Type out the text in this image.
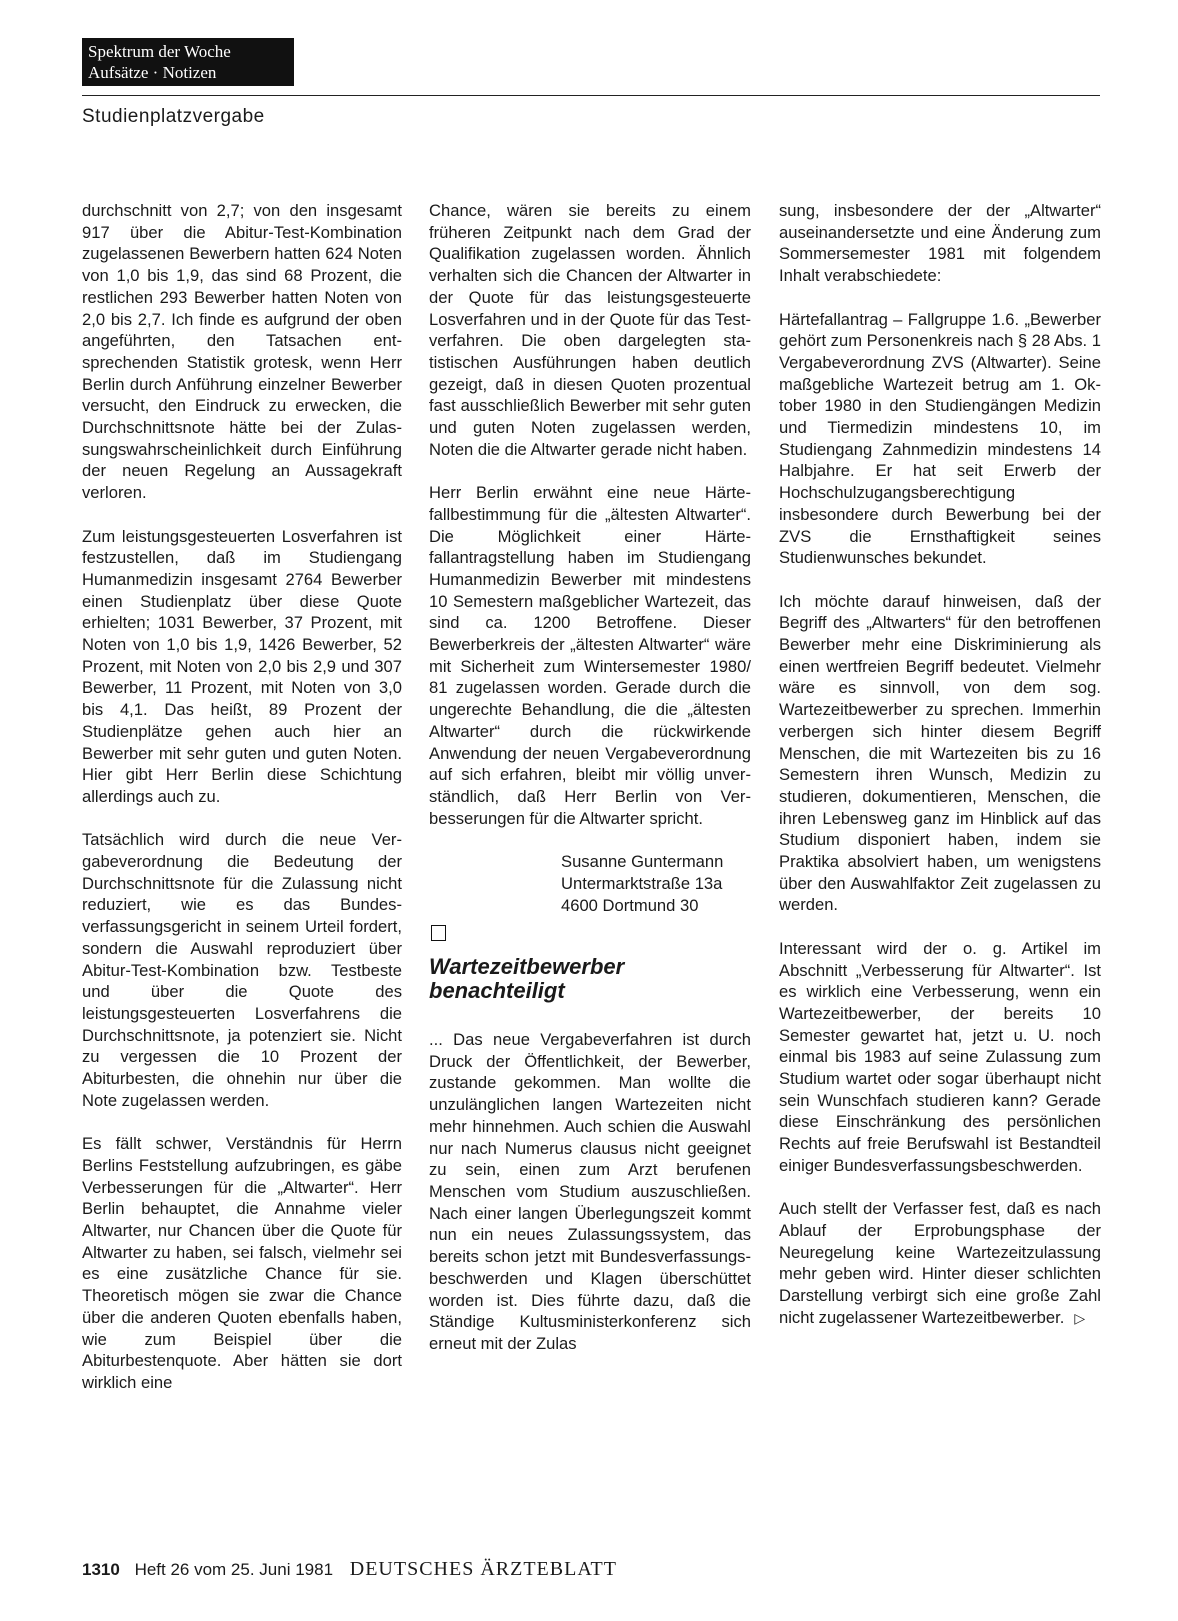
Spektrum der Woche
Aufsätze · Notizen
Studienplatzvergabe

durchschnitt von 2,7; von den insgesamt 917 über die Abitur-Test-Kombination zugelassenen Bewerbern hatten 624 Noten von 1,0 bis 1,9, das sind 68 Prozent, die restlichen 293 Bewerber hatten Noten von 2,0 bis 2,7. Ich finde es aufgrund der oben angeführten, den Tatsachen entsprechenden Statistik grotesk, wenn Herr Berlin durch Anführung einzelner Bewerber versucht, den Eindruck zu erwecken, die Durchschnittsnote hätte bei der Zulassungswahrscheinlichkeit durch Einführung der neuen Regelung an Aussagekraft verloren.

Zum leistungsgesteuerten Losverfahren ist festzustellen, daß im Studiengang Humanmedizin insgesamt 2764 Bewerber einen Studienplatz über diese Quote erhielten; 1031 Bewerber, 37 Prozent, mit Noten von 1,0 bis 1,9, 1426 Bewerber, 52 Prozent, mit Noten von 2,0 bis 2,9 und 307 Bewerber, 11 Prozent, mit Noten von 3,0 bis 4,1. Das heißt, 89 Prozent der Studienplätze gehen auch hier an Bewerber mit sehr guten und guten Noten. Hier gibt Herr Berlin diese Schichtung allerdings auch zu.

Tatsächlich wird durch die neue Vergabeverordnung die Bedeutung der Durchschnittsnote für die Zulassung nicht reduziert, wie es das Bundesverfassungsgericht in seinem Urteil fordert, sondern die Auswahl reproduziert über Abitur-Test-Kombination bzw. Testbeste und über die Quote des leistungsgesteuerten Losverfahrens die Durchschnittsnote, ja potenziert sie. Nicht zu vergessen die 10 Prozent der Abiturbesten, die ohnehin nur über die Note zugelassen werden.

Es fällt schwer, Verständnis für Herrn Berlins Feststellung aufzubringen, es gäbe Verbesserungen für die „Altwarter“. Herr Berlin behauptet, die Annahme vieler Altwarter, nur Chancen über die Quote für Altwarter zu haben, sei falsch, vielmehr sei es eine zusätzliche Chance für sie. Theoretisch mögen sie zwar die Chance über die anderen Quoten ebenfalls haben, wie zum Beispiel über die Abiturbestenquote. Aber hätten sie dort wirklich eine

Chance, wären sie bereits zu einem früheren Zeitpunkt nach dem Grad der Qualifikation zugelassen worden. Ähnlich verhalten sich die Chancen der Altwarter in der Quote für das leistungsgesteuerte Losverfahren und in der Quote für das Testverfahren. Die oben dargelegten statistischen Ausführungen haben deutlich gezeigt, daß in diesen Quoten prozentual fast ausschließlich Bewerber mit sehr guten und guten Noten zugelassen werden, Noten die die Altwarter gerade nicht haben.

Herr Berlin erwähnt eine neue Härtefallbestimmung für die „ältesten Altwarter“. Die Möglichkeit einer Härtefallantragstellung haben im Studiengang Humanmedizin Bewerber mit mindestens 10 Semestern maßgeblicher Wartezeit, das sind ca. 1200 Betroffene. Dieser Bewerberkreis der „ältesten Altwarter“ wäre mit Sicherheit zum Wintersemester 1980/ 81 zugelassen worden. Gerade durch die ungerechte Behandlung, die die „ältesten Altwarter“ durch die rückwirkende Anwendung der neuen Vergabeverordnung auf sich erfahren, bleibt mir völlig unverständlich, daß Herr Berlin von Verbesserungen für die Altwarter spricht.

Susanne Guntermann
Untermarktstraße 13a
4600 Dortmund 30
Wartezeitbewerber
benachteiligt

... Das neue Vergabeverfahren ist durch Druck der Öffentlichkeit, der Bewerber, zustande gekommen. Man wollte die unzulänglichen langen Wartezeiten nicht mehr hinnehmen. Auch schien die Auswahl nur nach Numerus clausus nicht geeignet zu sein, einen zum Arzt berufenen Menschen vom Studium auszuschließen. Nach einer langen Überlegungszeit kommt nun ein neues Zulassungssystem, das bereits schon jetzt mit Bundesverfassungsbeschwerden und Klagen überschüttet worden ist. Dies führte dazu, daß die Ständige Kultusministerkonferenz sich erneut mit der Zulas

sung, insbesondere der der „Altwarter“ auseinandersetzte und eine Änderung zum Sommersemester 1981 mit folgendem Inhalt verabschiedete:

Härtefallantrag – Fallgruppe 1.6. „Bewerber gehört zum Personenkreis nach § 28 Abs. 1 Vergabeverordnung ZVS (Altwarter). Seine maßgebliche Wartezeit betrug am 1. Oktober 1980 in den Studiengängen Medizin und Tiermedizin mindestens 10, im Studiengang Zahnmedizin mindestens 14 Halbjahre. Er hat seit Erwerb der Hochschulzugangsberechtigung insbesondere durch Bewerbung bei der ZVS die Ernsthaftigkeit seines Studienwunsches bekundet.

Ich möchte darauf hinweisen, daß der Begriff des „Altwarters“ für den betroffenen Bewerber mehr eine Diskriminierung als einen wertfreien Begriff bedeutet. Vielmehr wäre es sinnvoll, von dem sog. Wartezeitbewerber zu sprechen. Immerhin verbergen sich hinter diesem Begriff Menschen, die mit Wartezeiten bis zu 16 Semestern ihren Wunsch, Medizin zu studieren, dokumentieren, Menschen, die ihren Lebensweg ganz im Hinblick auf das Studium disponiert haben, indem sie Praktika absolviert haben, um wenigstens über den Auswahlfaktor Zeit zugelassen zu werden.

Interessant wird der o. g. Artikel im Abschnitt „Verbesserung für Altwarter“. Ist es wirklich eine Verbesserung, wenn ein Wartezeitbewerber, der bereits 10 Semester gewartet hat, jetzt u. U. noch einmal bis 1983 auf seine Zulassung zum Studium wartet oder sogar überhaupt nicht sein Wunschfach studieren kann? Gerade diese Einschränkung des persönlichen Rechts auf freie Berufswahl ist Bestandteil einiger Bundesverfassungsbeschwerden.

Auch stellt der Verfasser fest, daß es nach Ablauf der Erprobungsphase der Neuregelung keine Wartezeitzulassung mehr geben wird. Hinter dieser schlichten Darstellung verbirgt sich eine große Zahl nicht zugelassener Wartezeitbewerber. ▷

1310 Heft 26 vom 25. Juni 1981 DEUTSCHES ÄRZTEBLATT
